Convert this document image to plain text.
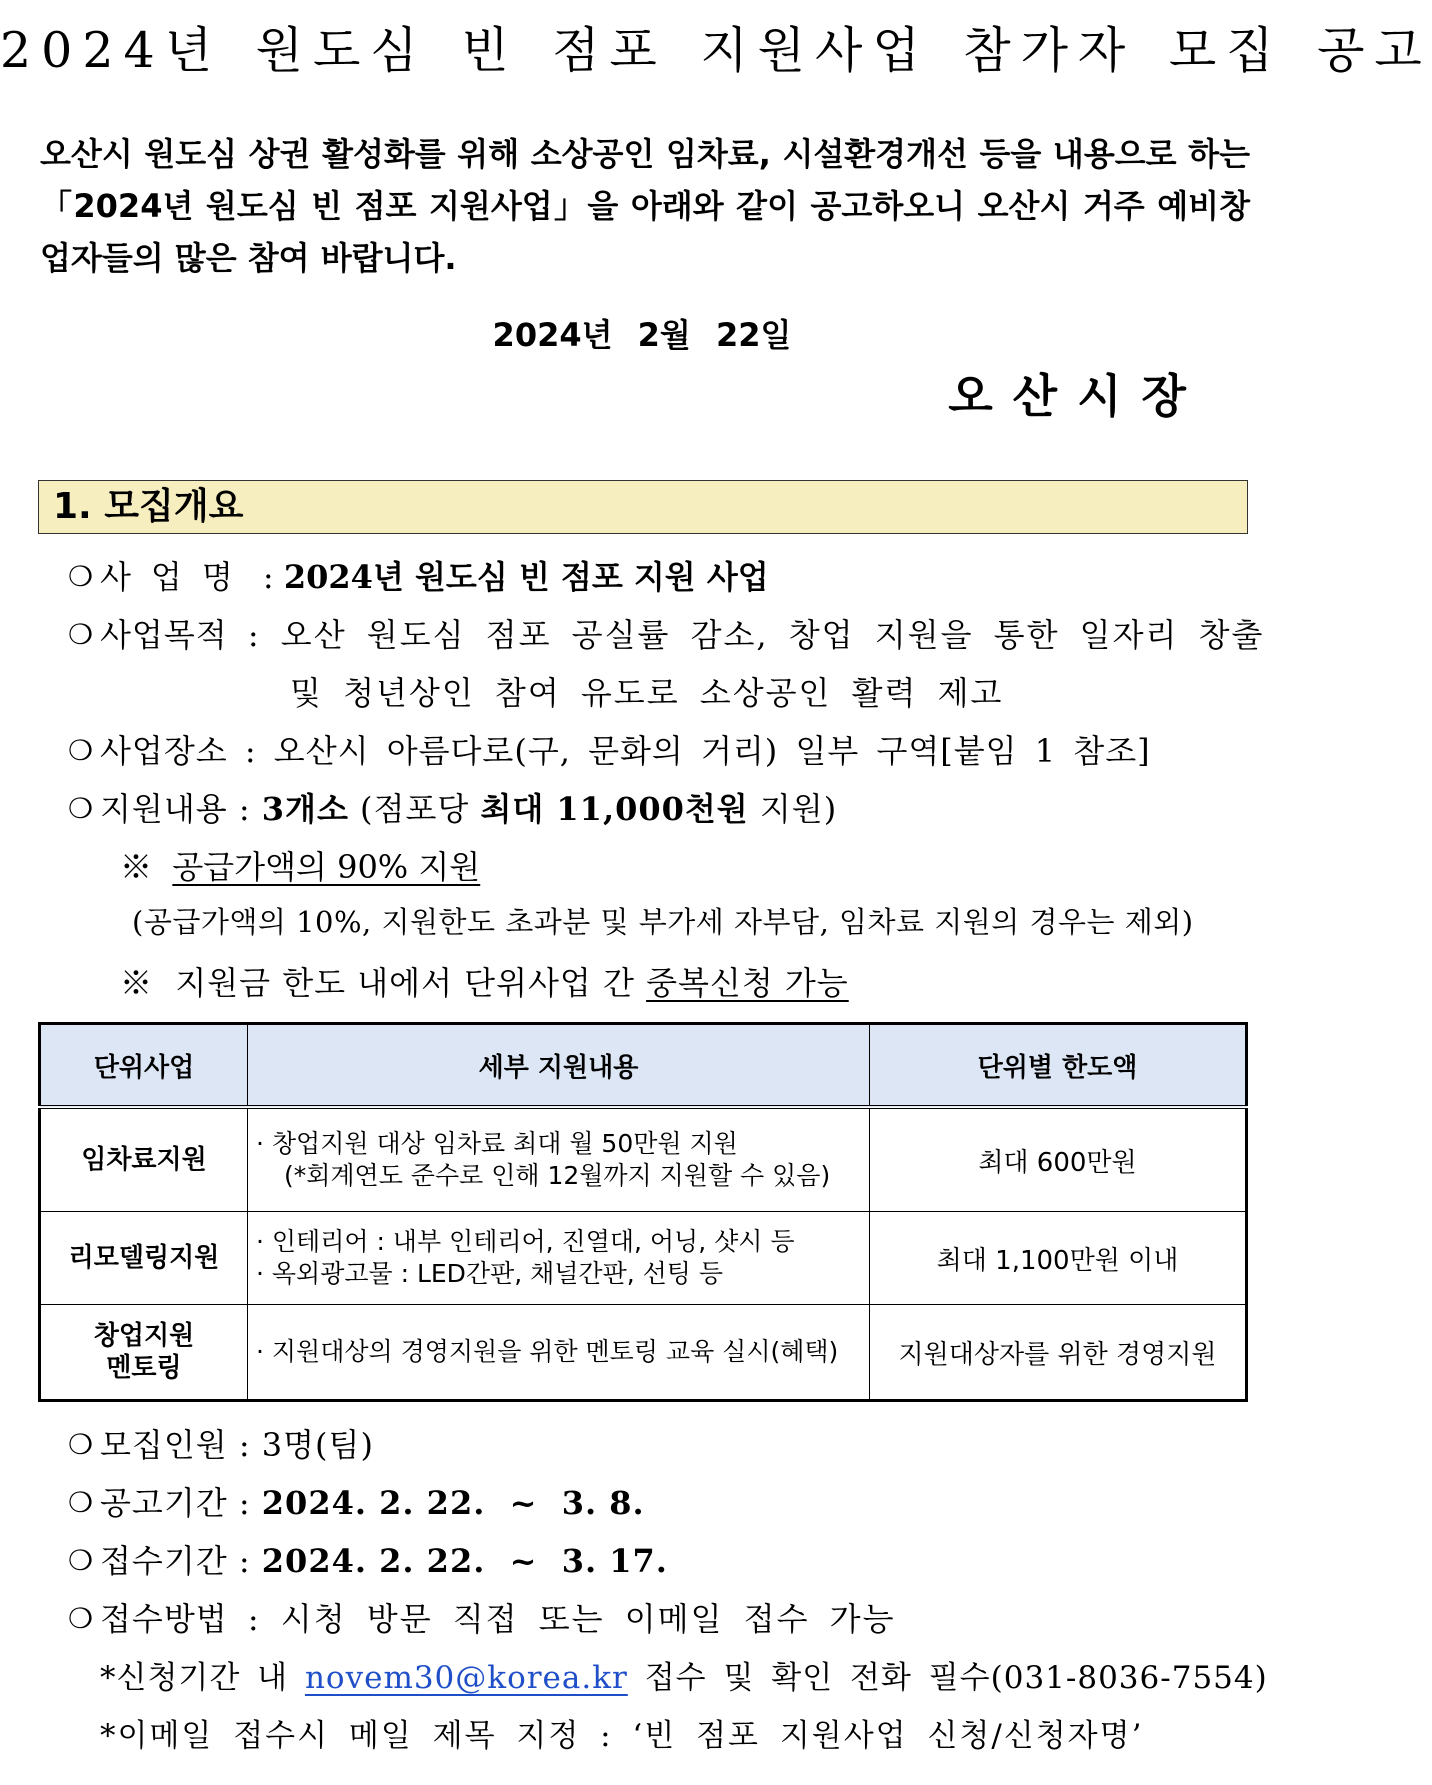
2024년 원도심 빈 점포 지원사업 참가자 모집 공고
오산시 원도심 상권 활성화를 위해 소상공인 임차료, 시설환경개선 등을 내용으로 하는「2024년 원도심 빈 점포 지원사업」을 아래와 같이 공고하오니 오산시 거주 예비창업자들의 많은 참여 바랍니다.
2024년 2월 22일
오산시장
1. 모집개요
❍ 사업명 : 2024년 원도심 빈 점포 지원 사업
❍ 사업목적 : 오산 원도심 점포 공실률 감소, 창업 지원을 통한 일자리 창출
및 청년상인 참여 유도로 소상공인 활력 제고
❍ 사업장소 : 오산시 아름다로(구, 문화의 거리) 일부 구역[붙임 1 참조]
❍ 지원내용 : 3개소 (점포당 최대 11,000천원 지원)
※ 공급가액의 90% 지원
(공급가액의 10%, 지원한도 초과분 및 부가세 자부담, 임차료 지원의 경우는 제외)
※ 지원금 한도 내에서 단위사업 간 중복신청 가능
단위사업	세부 지원내용	단위별 한도액
임차료지원	· 창업지원 대상 임차료 최대 월 50만원 지원
(*회계연도 준수로 인해 12월까지 지원할 수 있음)	최대 600만원
리모델링지원	· 인테리어 : 내부 인테리어, 진열대, 어닝, 샷시 등
· 옥외광고물 : LED간판, 채널간판, 선팅 등	최대 1,100만원 이내

창업지원
멘토링	· 지원대상의 경영지원을 위한 멘토링 교육 실시(혜택)	지원대상자를 위한 경영지원
❍ 모집인원 : 3명(팀)
❍ 공고기간 : 2024. 2. 22.  ~  3. 8.
❍ 접수기간 : 2024. 2. 22.  ~  3. 17.
❍ 접수방법 : 시청 방문 직접 또는 이메일 접수 가능
*신청기간 내 novem30@korea.kr 접수 및 확인 전화 필수(031-8036-7554)
*이메일 접수시 메일 제목 지정 : ‘빈 점포 지원사업 신청/신청자명’
